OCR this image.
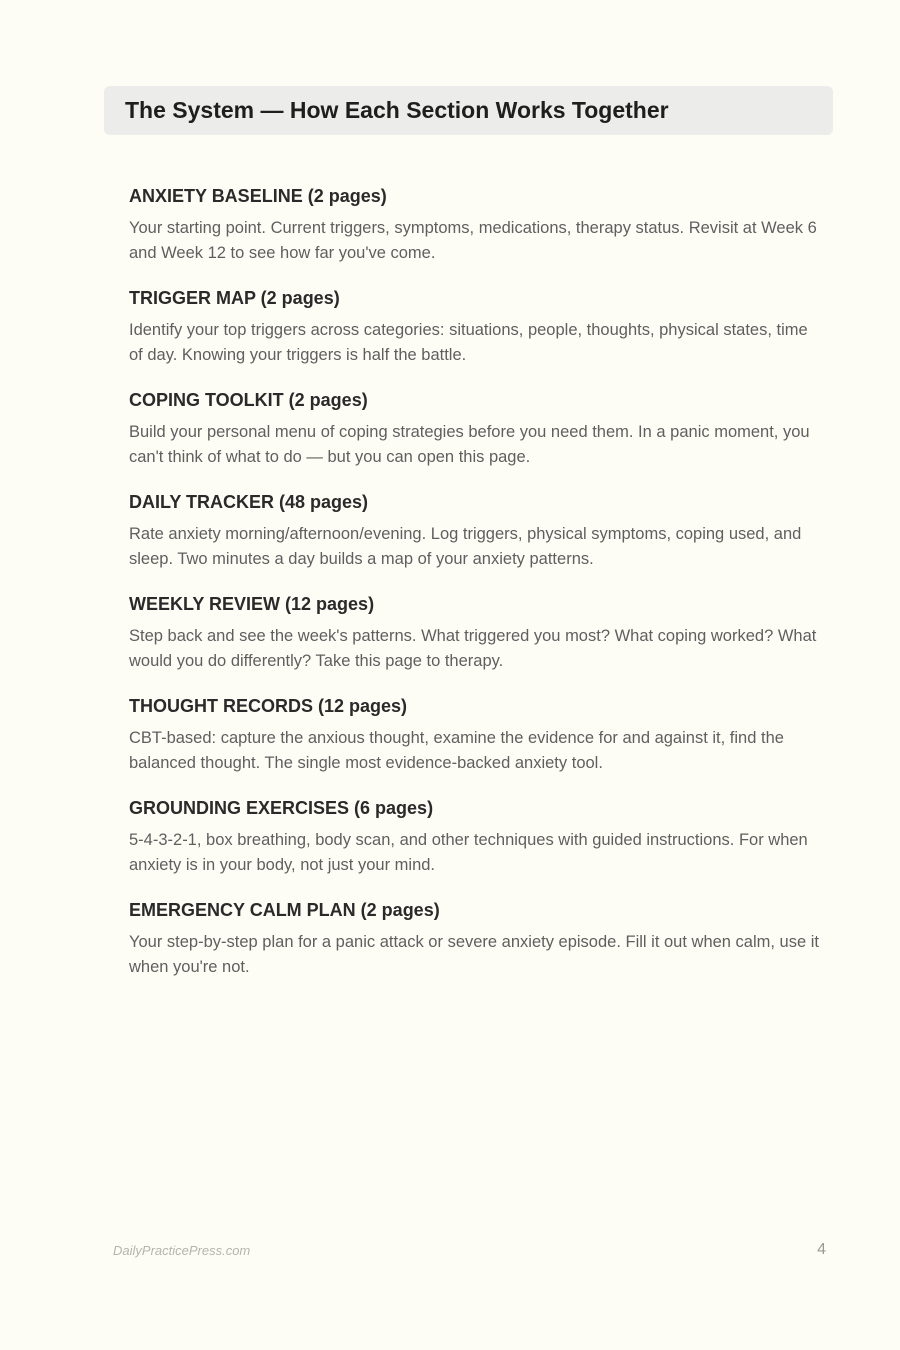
The System — How Each Section Works Together
ANXIETY BASELINE (2 pages)

Your starting point. Current triggers, symptoms, medications, therapy status. Revisit at Week 6 and Week 12 to see how far you've come.

TRIGGER MAP (2 pages)

Identify your top triggers across categories: situations, people, thoughts, physical states, time of day. Knowing your triggers is half the battle.

COPING TOOLKIT (2 pages)

Build your personal menu of coping strategies before you need them. In a panic moment, you can't think of what to do — but you can open this page.

DAILY TRACKER (48 pages)

Rate anxiety morning/afternoon/evening. Log triggers, physical symptoms, coping used, and sleep. Two minutes a day builds a map of your anxiety patterns.

WEEKLY REVIEW (12 pages)

Step back and see the week's patterns. What triggered you most? What coping worked? What would you do differently? Take this page to therapy.

THOUGHT RECORDS (12 pages)

CBT-based: capture the anxious thought, examine the evidence for and against it, find the balanced thought. The single most evidence-backed anxiety tool.

GROUNDING EXERCISES (6 pages)

5-4-3-2-1, box breathing, body scan, and other techniques with guided instructions. For when anxiety is in your body, not just your mind.

EMERGENCY CALM PLAN (2 pages)

Your step-by-step plan for a panic attack or severe anxiety episode. Fill it out when calm, use it when you're not.

DailyPracticePress.com	4
